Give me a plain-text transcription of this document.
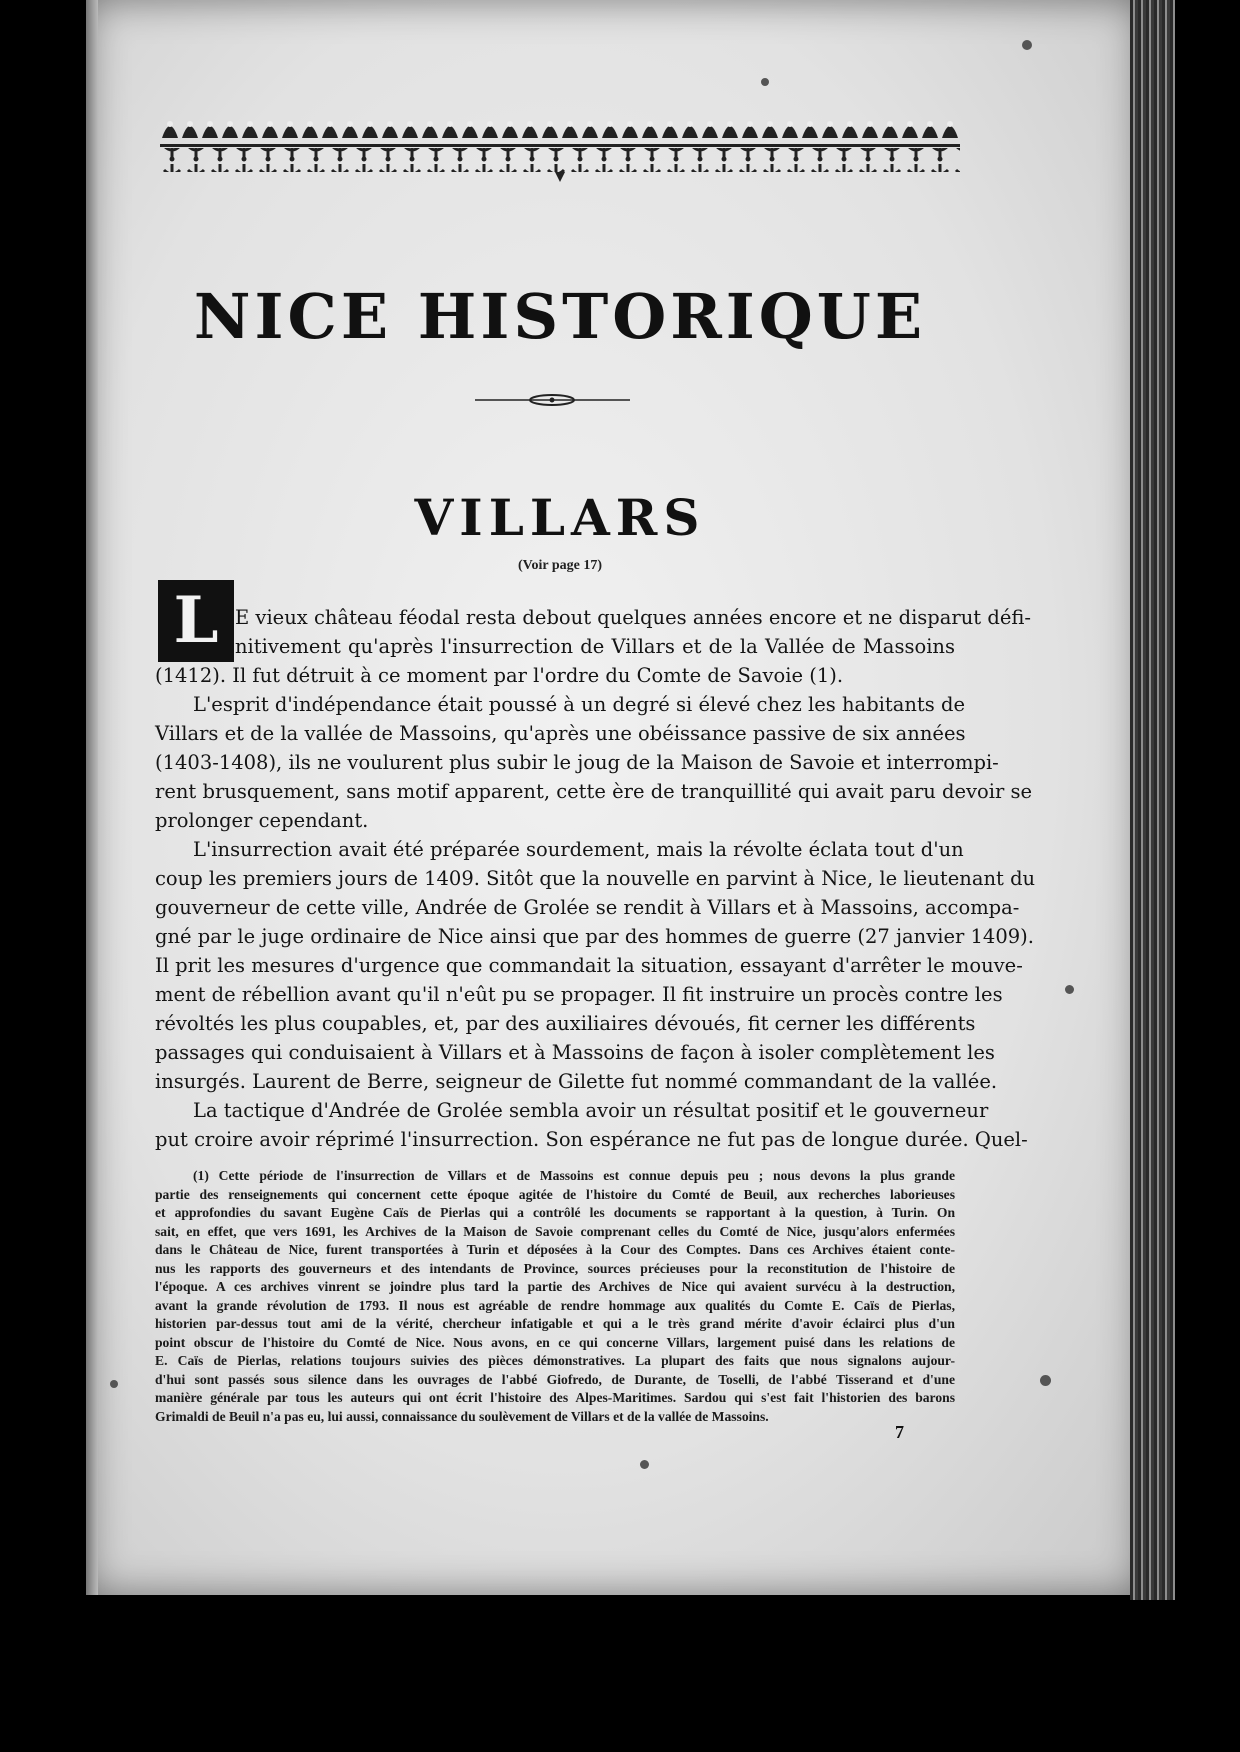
NICE HISTORIQUE
VILLARS
(Voir page 17)
L E vieux château féodal resta debout quelques années encore et ne disparut défi-
nitivement qu'après l'insurrection de Villars et de la Vallée de Massoins
(1412). Il fut détruit à ce moment par l'ordre du Comte de Savoie (1).
L'esprit d'indépendance était poussé à un degré si élevé chez les habitants de
Villars et de la vallée de Massoins, qu'après une obéissance passive de six années
(1403-1408), ils ne voulurent plus subir le joug de la Maison de Savoie et interrompi-
rent brusquement, sans motif apparent, cette ère de tranquillité qui avait paru devoir se
prolonger cependant.
L'insurrection avait été préparée sourdement, mais la révolte éclata tout d'un
coup les premiers jours de 1409. Sitôt que la nouvelle en parvint à Nice, le lieutenant du
gouverneur de cette ville, Andrée de Grolée se rendit à Villars et à Massoins, accompa-
gné par le juge ordinaire de Nice ainsi que par des hommes de guerre (27 janvier 1409).
Il prit les mesures d'urgence que commandait la situation, essayant d'arrêter le mouve-
ment de rébellion avant qu'il n'eût pu se propager. Il fit instruire un procès contre les
révoltés les plus coupables, et, par des auxiliaires dévoués, fit cerner les différents
passages qui conduisaient à Villars et à Massoins de façon à isoler complètement les
insurgés. Laurent de Berre, seigneur de Gilette fut nommé commandant de la vallée.
La tactique d'Andrée de Grolée sembla avoir un résultat positif et le gouverneur
put croire avoir réprimé l'insurrection. Son espérance ne fut pas de longue durée. Quel-
(1) Cette période de l'insurrection de Villars et de Massoins est connue depuis peu ; nous devons la plus grande
partie des renseignements qui concernent cette époque agitée de l'histoire du Comté de Beuil, aux recherches laborieuses
et approfondies du savant Eugène Caïs de Pierlas qui a contrôlé les documents se rapportant à la question, à Turin. On
sait, en effet, que vers 1691, les Archives de la Maison de Savoie comprenant celles du Comté de Nice, jusqu'alors enfermées
dans le Château de Nice, furent transportées à Turin et déposées à la Cour des Comptes. Dans ces Archives étaient conte-
nus les rapports des gouverneurs et des intendants de Province, sources précieuses pour la reconstitution de l'histoire de
l'époque. A ces archives vinrent se joindre plus tard la partie des Archives de Nice qui avaient survécu à la destruction,
avant la grande révolution de 1793. Il nous est agréable de rendre hommage aux qualités du Comte E. Caïs de Pierlas,
historien par-dessus tout ami de la vérité, chercheur infatigable et qui a le très grand mérite d'avoir éclairci plus d'un
point obscur de l'histoire du Comté de Nice. Nous avons, en ce qui concerne Villars, largement puisé dans les relations de
E. Caïs de Pierlas, relations toujours suivies des pièces démonstratives. La plupart des faits que nous signalons aujour-
d'hui sont passés sous silence dans les ouvrages de l'abbé Giofredo, de Durante, de Toselli, de l'abbé Tisserand et d'une
manière générale par tous les auteurs qui ont écrit l'histoire des Alpes-Maritimes. Sardou qui s'est fait l'historien des barons
Grimaldi de Beuil n'a pas eu, lui aussi, connaissance du soulèvement de Villars et de la vallée de Massoins.
7
